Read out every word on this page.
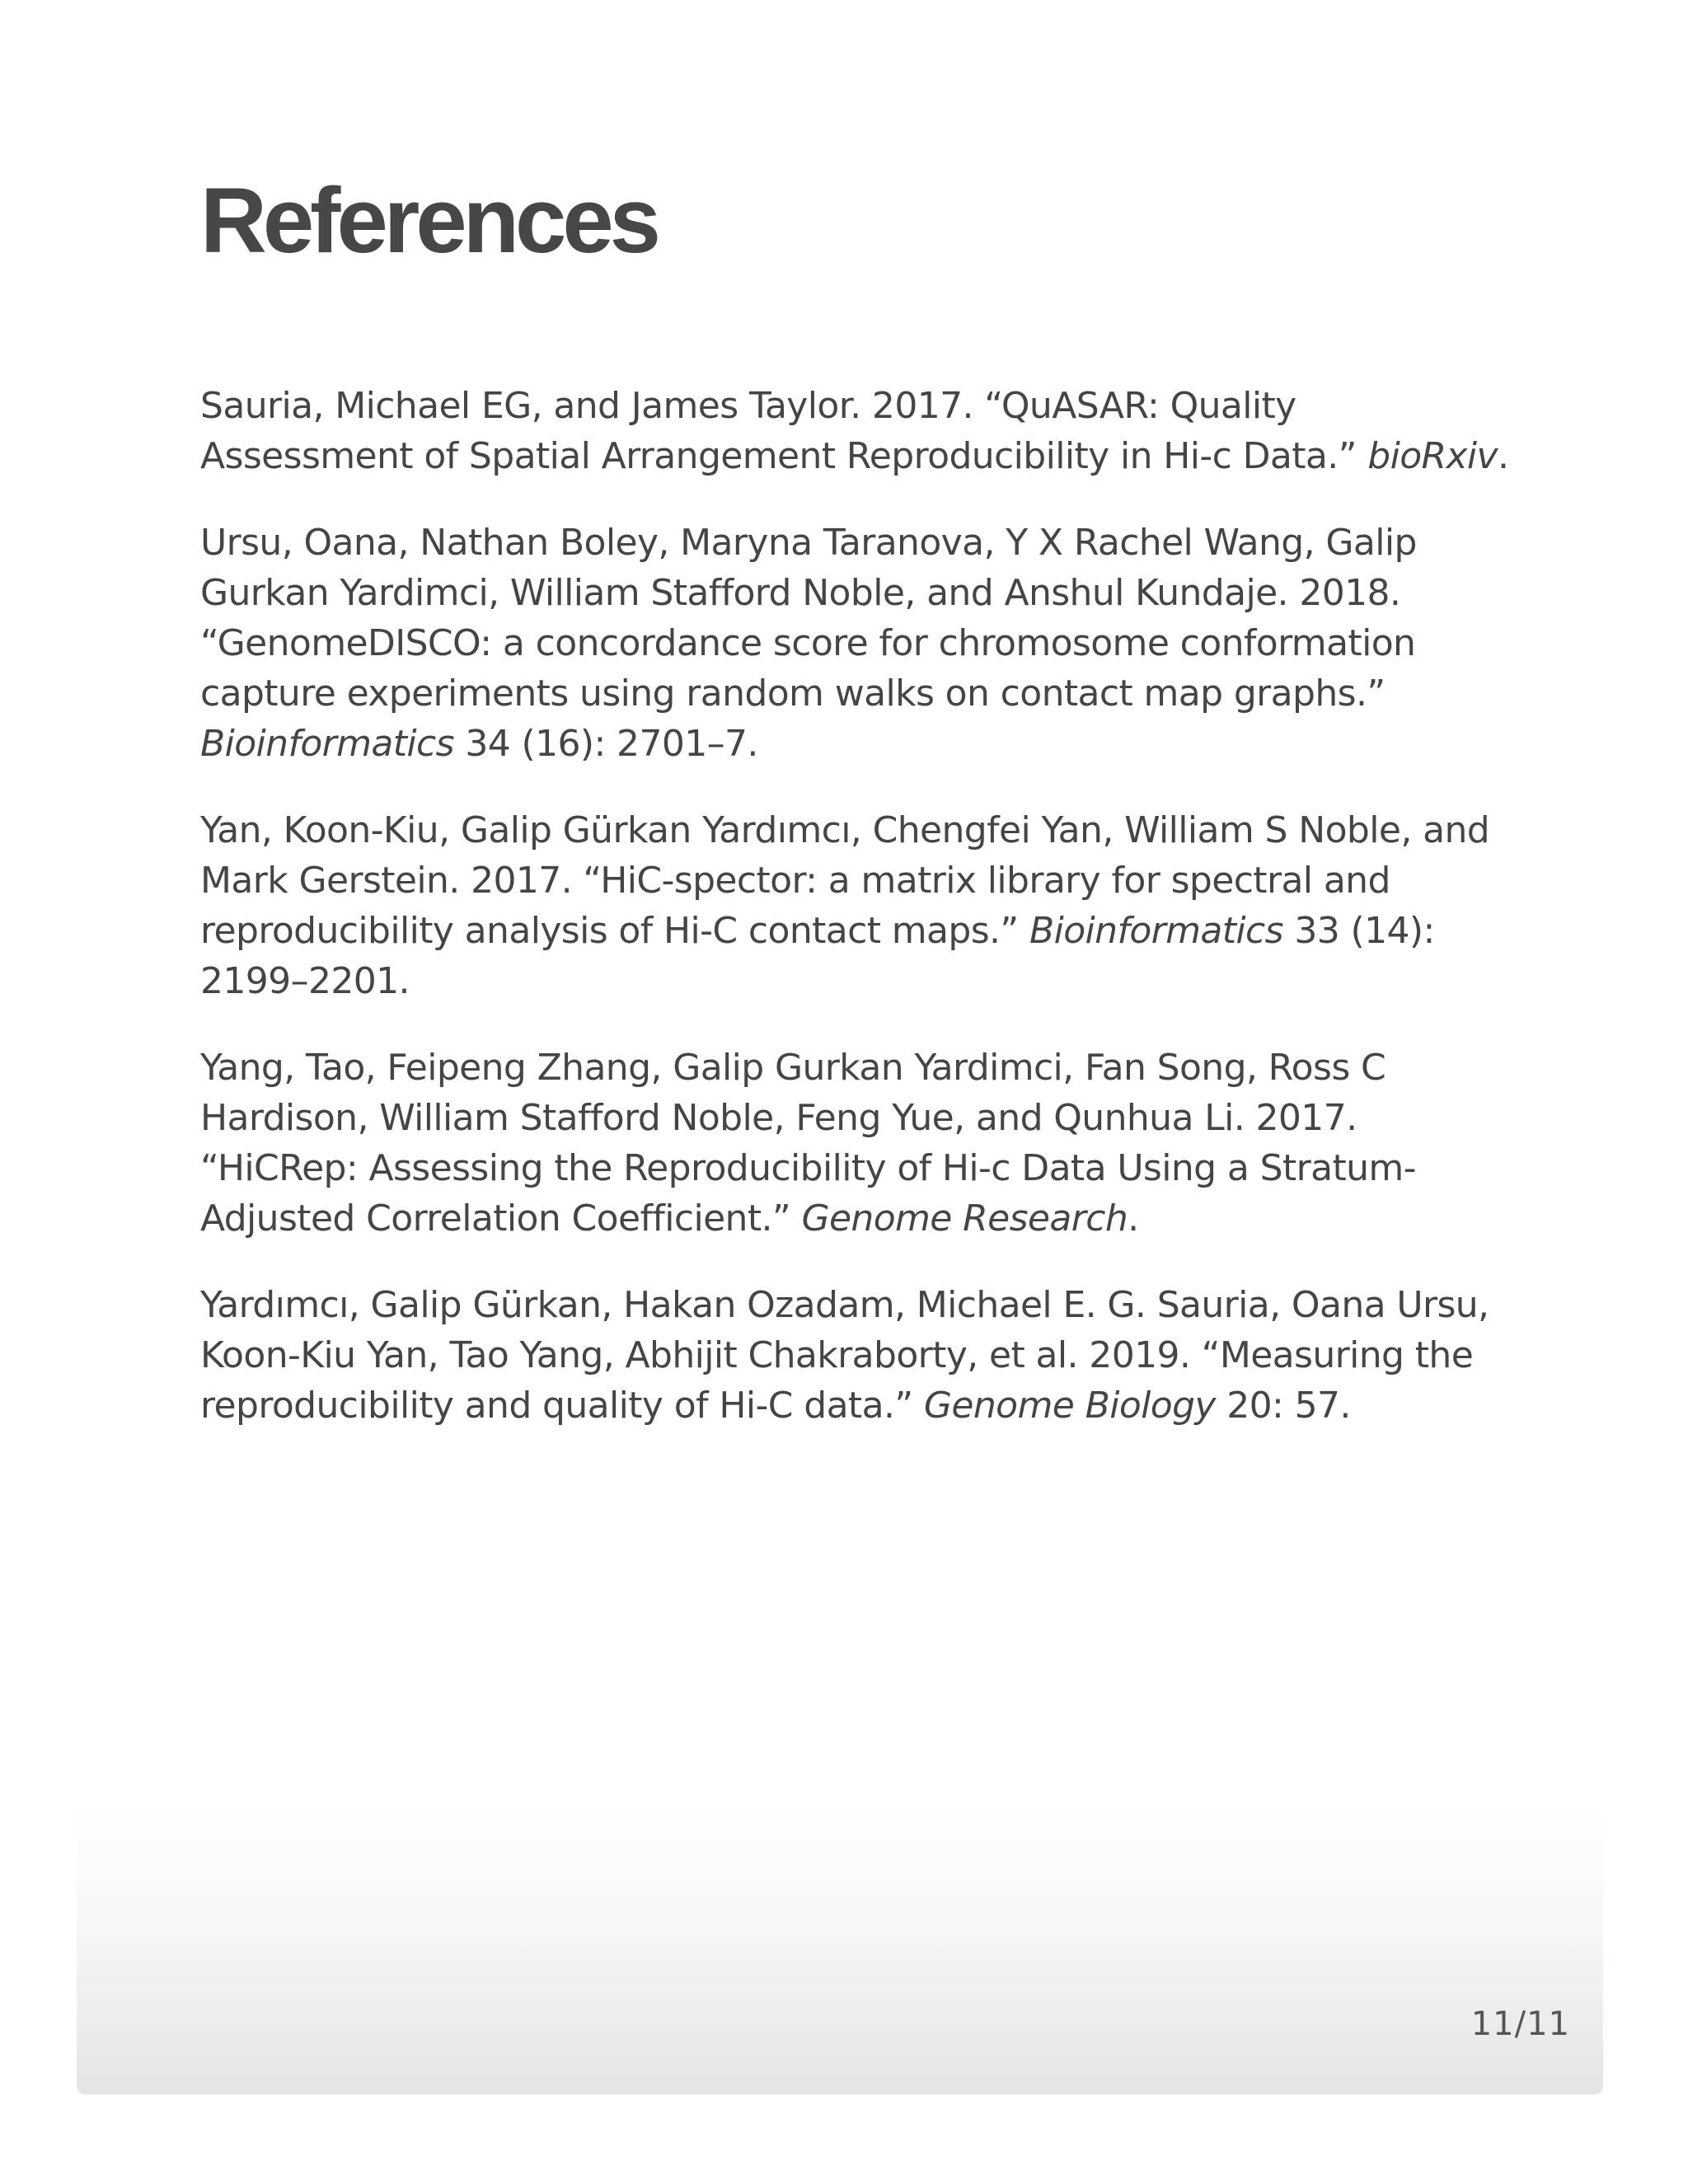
References
Sauria, Michael EG, and James Taylor. 2017. “QuASAR: Quality Assessment of Spatial Arrangement Reproducibility in Hi-c Data.” bioRxiv.
Ursu, Oana, Nathan Boley, Maryna Taranova, Y X Rachel Wang, Galip Gurkan Yardimci, William Stafford Noble, and Anshul Kundaje. 2018. “GenomeDISCO: a concordance score for chromosome conformation capture experiments using random walks on contact map graphs.” Bioinformatics 34 (16): 2701–7.
Yan, Koon-Kiu, Galip Gürkan Yardımcı, Chengfei Yan, William S Noble, and Mark Gerstein. 2017. “HiC-spector: a matrix library for spectral and reproducibility analysis of Hi-C contact maps.” Bioinformatics 33 (14): 2199–2201.
Yang, Tao, Feipeng Zhang, Galip Gurkan Yardimci, Fan Song, Ross C Hardison, William Stafford Noble, Feng Yue, and Qunhua Li. 2017. “HiCRep: Assessing the Reproducibility of Hi-c Data Using a Stratum- Adjusted Correlation Coefficient.” Genome Research.
Yardımcı, Galip Gürkan, Hakan Ozadam, Michael E. G. Sauria, Oana Ursu, Koon-Kiu Yan, Tao Yang, Abhijit Chakraborty, et al. 2019. “Measuring the reproducibility and quality of Hi-C data.” Genome Biology 20: 57.
11/11
